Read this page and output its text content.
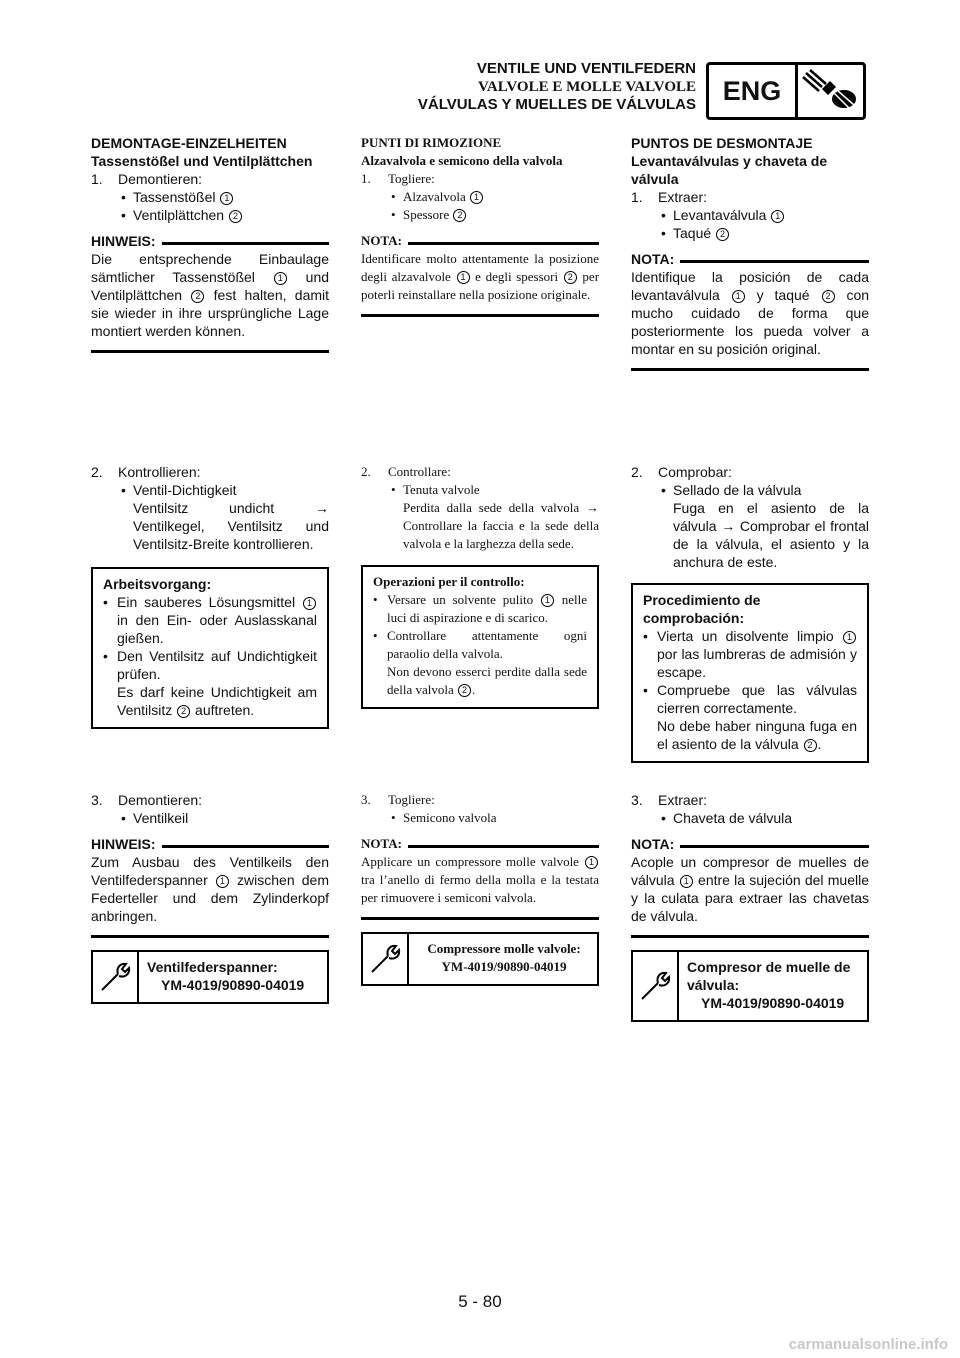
VENTILE UND VENTILFEDERN
VALVOLE E MOLLE VALVOLE
VÁLVULAS Y MUELLES DE VÁLVULAS ENG
DEMONTAGE-EINZELHEITEN
Tassenstößel und Ventilplättchen
1. Demontieren:
• Tassenstößel 1
• Ventilplättchen 2
HINWEIS:
Die entsprechende Einbaulage sämtlicher Tassenstößel	1 und Ventilplättchen 2 fest halten, damit sie wieder in ihre ursprüngliche Lage montiert werden können.
2. Kontrollieren:
• Ventil-Dichtigkeit
Ventilsitz undicht → Ventilkegel, Ventilsitz und Ventilsitz-Breite kontrollieren.
Arbeitsvorgang:
• Ein sauberes Lösungsmittel 1 in den Ein- oder Auslasskanal gießen.
• Den Ventilsitz auf Undichtigkeit prüfen.
Es darf keine Undichtigkeit am Ventilsitz 2 auftreten.
3. Demontieren:
• Ventilkeil
HINWEIS:
Zum Ausbau des Ventilkeils den Ventilfederspanner 1 zwischen dem Federteller und dem Zylinderkopf anbringen.
Ventilfederspanner:
YM-4019/90890-04019
PUNTI DI RIMOZIONE
Alzavalvola e semicono della valvola
1. Togliere:
• Alzavalvola 1
• Spessore 2
NOTA:
Identificare molto attentamente la posizione degli alzavalvole 1 e degli spessori 2 per poterli reinstallare nella posizione originale.
2. Controllare:
• Tenuta valvole
Perdita dalla sede della valvola → Controllare la faccia e la sede della valvola e la larghezza della sede.
Operazioni per il controllo:
• Versare un solvente pulito 1 nelle luci di aspirazione e di scarico.
• Controllare attentamente ogni paraolio della valvola.
Non devono esserci perdite dalla sede della valvola 2 .
3. Togliere:
• Semicono valvola
NOTA:
Applicare un compressore molle valvole 1 tra l’anello di fermo della molla e la testata per rimuovere i semiconi valvola.
Compressore molle valvole:
YM-4019/90890-04019
PUNTOS DE DESMONTAJE
Levantaválvulas y chaveta de válvula
1. Extraer:
• Levantaválvula 1
• Taqué 2
NOTA:
Identifique la posición de cada levantaválvula 1 y taqué 2 con mucho cuidado de forma que posteriormente los pueda volver a montar en su posición original.
2. Comprobar:
• Sellado de la válvula
Fuga en el asiento de la válvula → Comprobar el frontal de la válvula, el asiento y la anchura de este.
Procedimiento de comprobación:
• Vierta un disolvente limpio 1 por las lumbreras de admisión y escape.
• Compruebe que las válvulas cierren correctamente.
No debe haber ninguna fuga en el asiento de la válvula 2 .
3. Extraer:
• Chaveta de válvula
NOTA:
Acople un compresor de muelles de válvula 1 entre la sujeción del muelle y la culata para extraer las chavetas de válvula.
Compresor de muelle de válvula:
YM-4019/90890-04019
5 - 80
carmanualsonline.info
